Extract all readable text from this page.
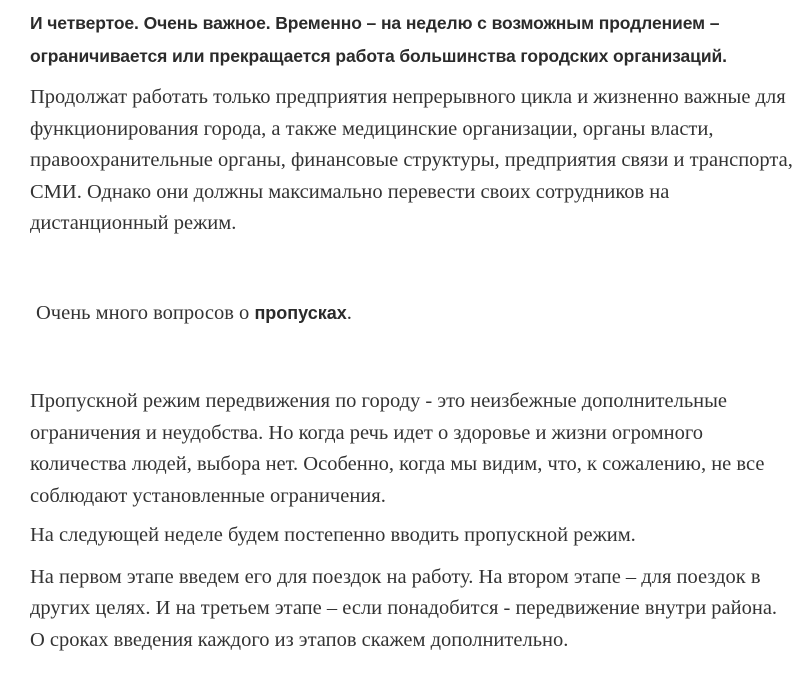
И четвертое. Очень важное. Временно – на неделю с возможным продлением – ограничивается или прекращается работа большинства городских организаций.

Продолжат работать только предприятия непрерывного цикла и жизненно важные для функционирования города, а также медицинские организации, органы власти, правоохранительные органы, финансовые структуры, предприятия связи и транспорта, СМИ. Однако они должны максимально перевести своих сотрудников на дистанционный режим.

Очень много вопросов о пропусках.

Пропускной режим передвижения по городу - это неизбежные дополнительные ограничения и неудобства. Но когда речь идет о здоровье и жизни огромного количества людей, выбора нет. Особенно, когда мы видим, что, к сожалению, не все соблюдают установленные ограничения.

На следующей неделе будем постепенно вводить пропускной режим.

На первом этапе введем его для поездок на работу. На втором этапе – для поездок в других целях. И на третьем этапе – если понадобится - передвижение внутри района. О сроках введения каждого из этапов скажем дополнительно.
